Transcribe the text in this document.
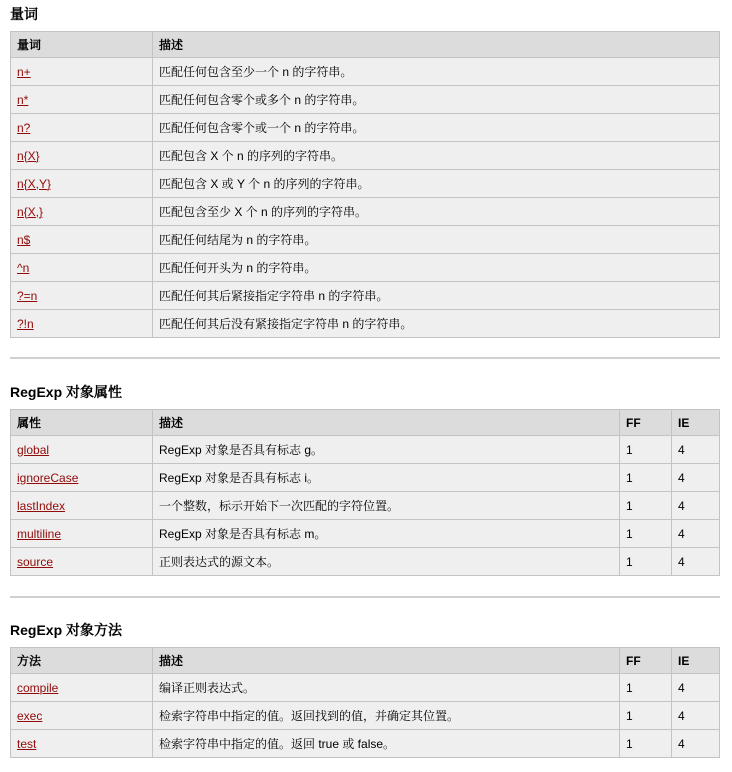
量词
量词	描述
n+	匹配任何包含至少一个 n 的字符串。
n*	匹配任何包含零个或多个 n 的字符串。
n?	匹配任何包含零个或一个 n 的字符串。
n{X}	匹配包含 X 个 n 的序列的字符串。
n{X,Y}	匹配包含 X 或 Y 个 n 的序列的字符串。
n{X,}	匹配包含至少 X 个 n 的序列的字符串。
n$	匹配任何结尾为 n 的字符串。
^n	匹配任何开头为 n 的字符串。
?=n	匹配任何其后紧接指定字符串 n 的字符串。
?!n	匹配任何其后没有紧接指定字符串 n 的字符串。
RegExp 对象属性
属性	描述	FF	IE
global	RegExp 对象是否具有标志 g。	1	4
ignoreCase	RegExp 对象是否具有标志 i。	1	4
lastIndex	一个整数，标示开始下一次匹配的字符位置。	1	4
multiline	RegExp 对象是否具有标志 m。	1	4
source	正则表达式的源文本。	1	4
RegExp 对象方法
方法	描述	FF	IE
compile	编译正则表达式。	1	4
exec	检索字符串中指定的值。返回找到的值，并确定其位置。	1	4
test	检索字符串中指定的值。返回 true 或 false。	1	4
